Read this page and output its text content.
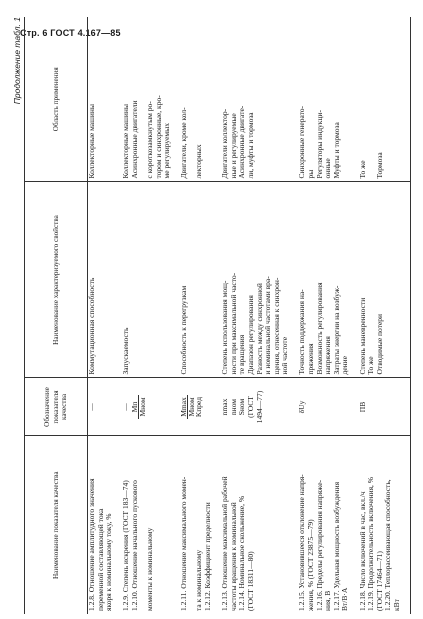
Стр. 6 ГОСТ 4.167—85
Продолжение табл. 1
Наименование показателя качества	Обозначение показателя качества	Наименование характеризуемого свойства	Область применения
1.2.8. Отношение амплитудного значения	—	Коммутационная способность	Коллекторные машины
переменной составляющей тока			
якоря к номинальному току, %			

1.2.9. Степень искрения (ГОСТ 183—74)	—	Запускаемость	Коллекторные машины
1.2.10. Отношение начального пускового	Мп Мном		Асинхронные двигатели
моменты к номинальному			с короткозамкнутым ро-
			тором и синхронные, кро-
			ме регулируемых

1.2.11. Отношение максимального момен-	Mmax Mном	Способность к перегрузкам	Двигатели, кроме кол-
та к номинальному	Kпред		лекторных
1.2.12. Коэффициент пределности			

1.2.13. Отношение максимальной рабочей	nmax	Степень использования мощ-	Двигатели коллектор-
частоты вращения к номинальной	nном	ности при максимальной часто-	ные и регулируемые
1.2.14. Номинальное скольжение, %	Sном	те вращения	Асинхронные двигате-
(ГОСТ 18311—80)	(ГОСТ	Диапазон регулирования	ли, муфты и тормоза
	1494—77)	Разность между синхронной	
		и номинальной частотами вра-	
		щения, отнесенная к синхрон-	
		ной частоте	

1.2.15. Установившееся отклонение напря-	δUy	Точность поддержания на-	Синхронные генерато-
жения, % (ГОСТ 23875—79)		пряжения	ры
1.2.16. Пределы регулирования напряже-		Возможность регулирования	Регуляторы индукци-
ния, В		напряжения	онные
1.2.17. Удельная мощность возбуждения		Затраты энергии на возбуж-	Муфты и тормоза
Вт/В·А		дение	

1.2.18. Число включений в час, вкл./ч	ПВ	Степень маневренности	То же
1.2.19. Продолжительность включения, %		То же	
(ГОСТ 17464—71)		Отводимые потери	Тормоза
1.2.20. Теплорассеивающая способность,			
кВт			
